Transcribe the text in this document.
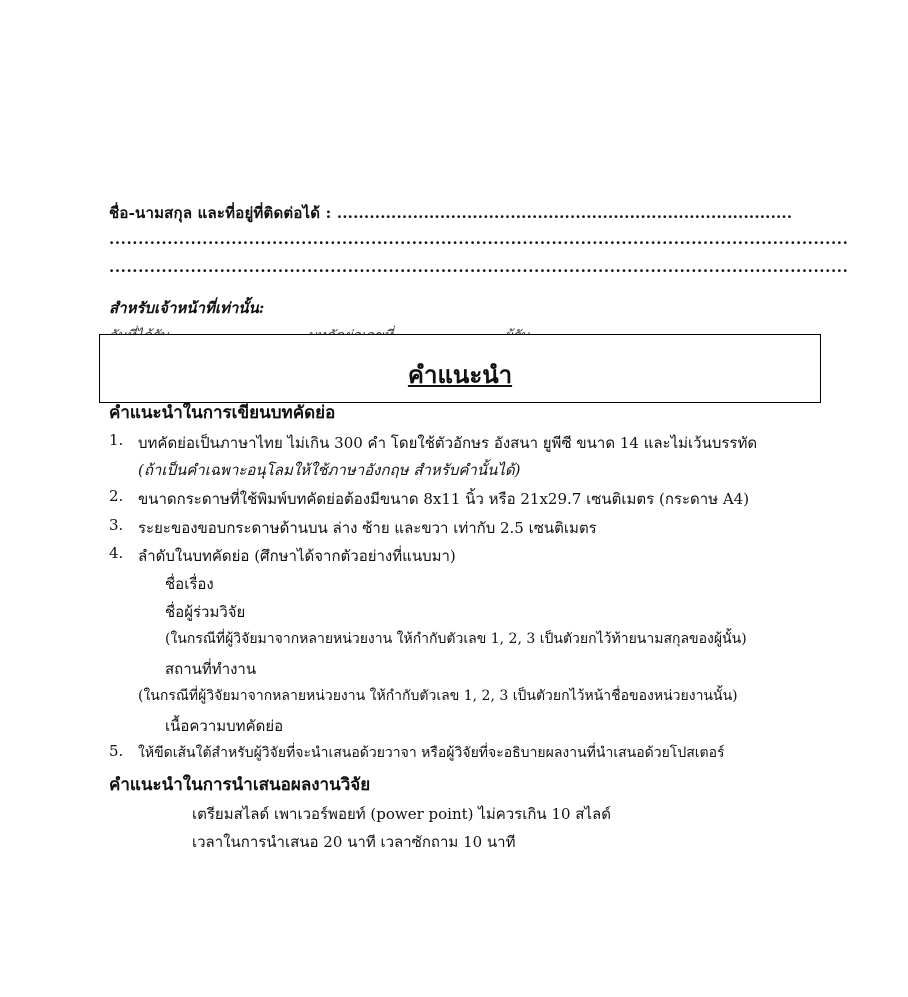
ชื่อ-นามสกุล และที่อยู่ที่ติดต่อได้ : ....................................................................................
...............................................................................................................................
...............................................................................................................................
สำหรับเจ้าหน้าที่เท่านั้น:
คำแนะนำ
คำแนะนำในการเขียนบทคัดย่อ
1. บทคัดย่อเป็นภาษาไทย ไม่เกิน 300 คำ โดยใช้ตัวอักษร อังสนา ยูพีซี ขนาด 14 และไม่เว้นบรรทัด
(ถ้าเป็นคำเฉพาะอนุโลมให้ใช้ภาษาอังกฤษ สำหรับคำนั้นได้)
2. ขนาดกระดาษที่ใช้พิมพ์บทคัดย่อต้องมีขนาด 8x11 นิ้ว หรือ 21x29.7 เซนติเมตร (กระดาษ A4)
3. ระยะของขอบกระดาษด้านบน ล่าง ซ้าย และขวา เท่ากับ 2.5 เซนติเมตร
4. ลำดับในบทคัดย่อ (ศึกษาได้จากตัวอย่างที่แนบมา)
ชื่อเรื่อง
ชื่อผู้ร่วมวิจัย
(ในกรณีที่ผู้วิจัยมาจากหลายหน่วยงาน ให้กำกับตัวเลข 1, 2, 3 เป็นตัวยกไว้ท้ายนามสกุลของผู้นั้น)
สถานที่ทำงาน
(ในกรณีที่ผู้วิจัยมาจากหลายหน่วยงาน ให้กำกับตัวเลข 1, 2, 3 เป็นตัวยกไว้หน้าชื่อของหน่วยงานนั้น)
เนื้อความบทคัดย่อ
5. ให้ขีดเส้นใต้สำหรับผู้วิจัยที่จะนำเสนอด้วยวาจา หรือผู้วิจัยที่จะอธิบายผลงานที่นำเสนอด้วยโปสเตอร์
คำแนะนำในการนำเสนอผลงานวิจัย
เตรียมสไลด์ เพาเวอร์พอยท์ (power point) ไม่ควรเกิน 10 สไลด์
เวลาในการนำเสนอ 20 นาที เวลาซักถาม 10 นาที
